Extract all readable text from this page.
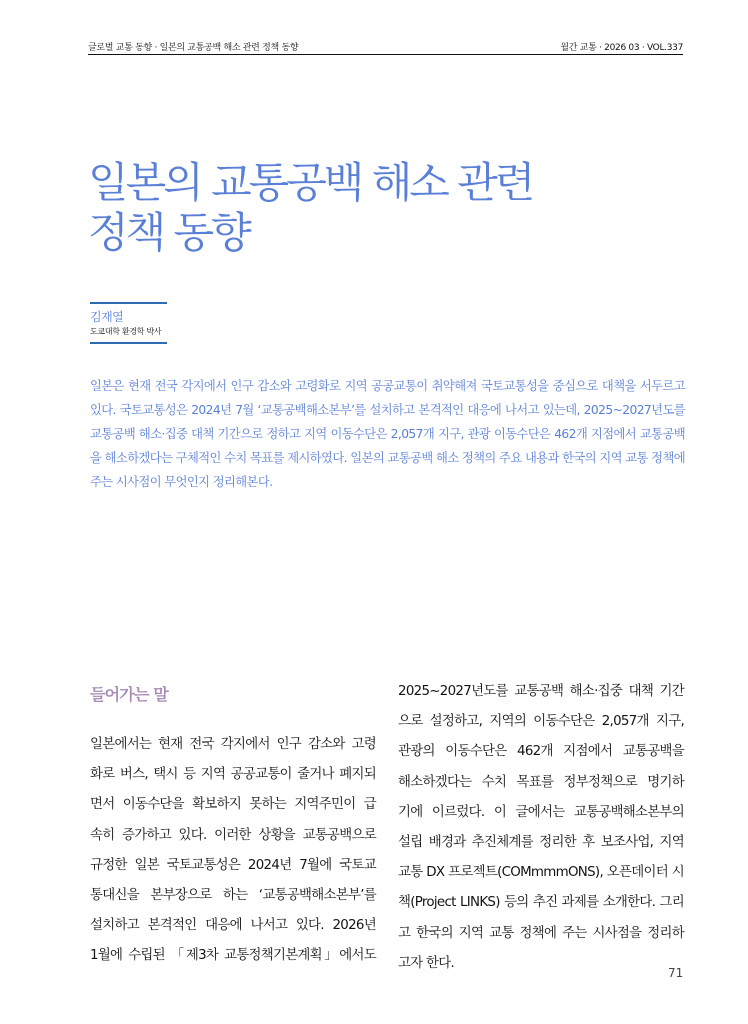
글로벌 교통 동향 · 일본의 교통공백 해소 관련 정책 동향	월간 교통 · 2026 03 · VOL.337
일본의 교통공백 해소 관련
정책 동향
김재열
도쿄대학 환경학 박사

일본은 현재 전국 각지에서 인구 감소와 고령화로 지역 공공교통이 취약해져 국토교통성을 중심으로 대책을 서두르고 있다. 국토교통성은 2024년 7월 ‘교통공백해소본부’를 설치하고 본격적인 대응에 나서고 있는데, 2025~2027년도를 교통공백 해소·집중 대책 기간으로 정하고 지역 이동수단은 2,057개 지구, 관광 이동수단은 462개 지점에서 교통공백을 해소하겠다는 구체적인 수치 목표를 제시하였다. 일본의 교통공백 해소 정책의 주요 내용과 한국의 지역 교통 정책에 주는 시사점이 무엇인지 정리해본다.

들어가는 말
일본에서는 현재 전국 각지에서 인구 감소와 고령
화로 버스, 택시 등 지역 공공교통이 줄거나 폐지되
면서 이동수단을 확보하지 못하는 지역주민이 급
속히 증가하고 있다. 이러한 상황을 교통공백으로
규정한 일본 국토교통성은 2024년 7월에 국토교
통대신을 본부장으로 하는 ‘교통공백해소본부’를
설치하고 본격적인 대응에 나서고 있다. 2026년
1월에 수립된 「제3차 교통정책기본계획」에서도
2025~2027년도를 교통공백 해소·집중 대책 기간
으로 설정하고, 지역의 이동수단은 2,057개 지구,
관광의 이동수단은 462개 지점에서 교통공백을
해소하겠다는 수치 목표를 정부정책으로 명기하
기에 이르렀다. 이 글에서는 교통공백해소본부의
설립 배경과 추진체계를 정리한 후 보조사업, 지역
교통 DX 프로젝트(COMmmmONS), 오픈데이터 시
책(Project LINKS) 등의 추진 과제를 소개한다. 그리
고 한국의 지역 교통 정책에 주는 시사점을 정리하
고자 한다.
71
